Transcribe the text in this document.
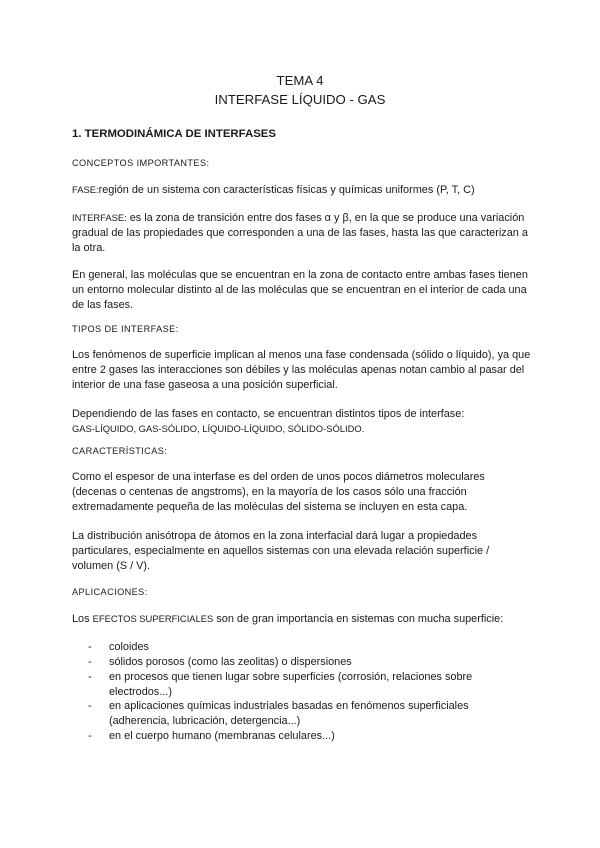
TEMA 4
INTERFASE LÍQUIDO - GAS
1. TERMODINÁMICA DE INTERFASES
CONCEPTOS IMPORTANTES:
FASE:región de un sistema con características físicas y químicas uniformes (P, T, C)
INTERFASE: es la zona de transición entre dos fases α y β, en la que se produce una variación gradual de las propiedades que corresponden a una de las fases, hasta las que caracterizan a la otra.
En general, las moléculas que se encuentran en la zona de contacto entre ambas fases tienen un entorno molecular distinto al de las moléculas que se encuentran en el interior de cada una de las fases.
TIPOS DE INTERFASE:
Los fenómenos de superficie implican al menos una fase condensada (sólido o líquido), ya que entre 2 gases las interacciones son débiles y las moléculas apenas notan cambio al pasar del interior de una fase gaseosa a una posición superficial.
Dependiendo de las fases en contacto, se encuentran distintos tipos de interfase:
GAS-LÍQUIDO, GAS-SÓLIDO, LÍQUIDO-LÍQUIDO, SÓLIDO-SÓLIDO.
CARACTERÍSTICAS:
Como el espesor de una interfase es del orden de unos pocos diámetros moleculares (decenas o centenas de angstroms), en la mayoría de los casos sólo una fracción extremadamente pequeña de las moléculas del sistema se incluyen en esta capa.
La distribución anisótropa de átomos en la zona interfacial dará lugar a propiedades particulares, especialmente en aquellos sistemas con una elevada relación superficie / volumen (S / V).
APLICACIONES:
Los EFECTOS SUPERFICIALES son de gran importancia en sistemas con mucha superficie:
- coloides
- sólidos porosos (como las zeolitas) o dispersiones
- en procesos que tienen lugar sobre superficies (corrosión, relaciones sobre electrodos...)
- en aplicaciones químicas industriales basadas en fenómenos superficiales (adherencia, lubricación, detergencia...)
- en el cuerpo humano (membranas celulares...)
